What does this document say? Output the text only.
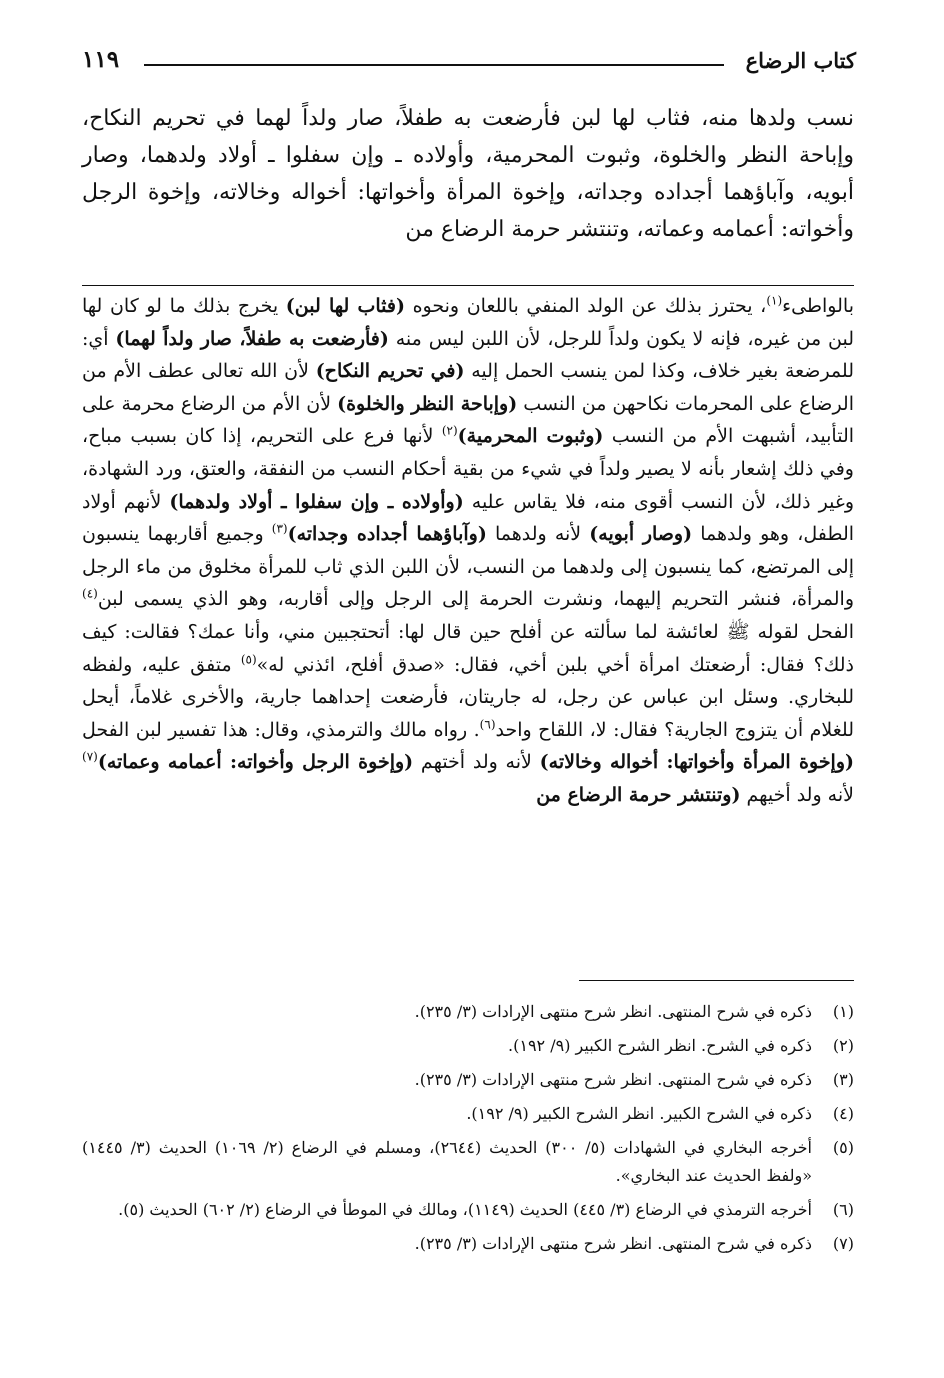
كتاب الرضاع
١١٩

نسب ولدها منه، فثاب لها لبن فأرضعت به طفلاً، صار ولداً لهما في تحريم النكاح، وإباحة النظر والخلوة، وثبوت المحرمية، وأولاده ـ وإن سفلوا ـ أولاد ولدهما، وصار أبويه، وآباؤهما أجداده وجداته، وإخوة المرأة وأخواتها: أخواله وخالاته، وإخوة الرجل وأخواته: أعمامه وعماته، وتنتشر حرمة الرضاع من

بالواطىء$^{(١)}$، يحترز بذلك عن الولد المنفي باللعان ونحوه (فثاب لها لبن) يخرج بذلك ما لو كان لها لبن من غيره، فإنه لا يكون ولداً للرجل، لأن اللبن ليس منه (فأرضعت به طفلاً، صار ولداً لهما) أي: للمرضعة بغير خلاف، وكذا لمن ينسب الحمل إليه (في تحريم النكاح) لأن الله تعالى عطف الأم من الرضاع على المحرمات نكاحهن من النسب (وإباحة النظر والخلوة) لأن الأم من الرضاع محرمة على التأبيد، أشبهت الأم من النسب (وثبوت المحرمية)$^{(٢)}$ لأنها فرع على التحريم، إذا كان بسبب مباح، وفي ذلك إشعار بأنه لا يصير ولداً في شيء من بقية أحكام النسب من النفقة، والعتق، ورد الشهادة، وغير ذلك، لأن النسب أقوى منه، فلا يقاس عليه (وأولاده ـ وإن سفلوا ـ أولاد ولدهما) لأنهم أولاد الطفل، وهو ولدهما (وصار أبويه) لأنه ولدهما (وآباؤهما أجداده وجداته)$^{(٣)}$ وجميع أقاربهما ينسبون إلى المرتضع، كما ينسبون إلى ولدهما من النسب، لأن اللبن الذي ثاب للمرأة مخلوق من ماء الرجل والمرأة، فنشر التحريم إليهما، ونشرت الحرمة إلى الرجل وإلى أقاربه، وهو الذي يسمى لبن$^{(٤)}$ الفحل لقوله ﷺ لعائشة لما سألته عن أفلح حين قال لها: أتحتجبين مني، وأنا عمك؟ فقالت: كيف ذلك؟ فقال: أرضعتك امرأة أخي بلبن أخي، فقال: «صدق أفلح، ائذني له»$^{(٥)}$ متفق عليه، ولفظه للبخاري. وسئل ابن عباس عن رجل، له جاريتان، فأرضعت إحداهما جارية، والأخرى غلاماً، أيحل للغلام أن يتزوج الجارية؟ فقال: لا، اللقاح واحد$^{(٦)}$. رواه مالك والترمذي، وقال: هذا تفسير لبن الفحل (وإخوة المرأة وأخواتها: أخواله وخالاته) لأنه ولد أختهم (وإخوة الرجل وأخواته: أعمامه وعماته)$^{(٧)}$ لأنه ولد أخيهم (وتنتشر حرمة الرضاع من

(١)
ذكره في شرح المنتهى. انظر شرح منتهى الإرادات (٣/ ٢٣٥).
(٢)
ذكره في الشرح. انظر الشرح الكبير (٩/ ١٩٢).
(٣)
ذكره في شرح المنتهى. انظر شرح منتهى الإرادات (٣/ ٢٣٥).
(٤)
ذكره في الشرح الكبير. انظر الشرح الكبير (٩/ ١٩٢).
(٥)
أخرجه البخاري في الشهادات (٥/ ٣٠٠) الحديث (٢٦٤٤)، ومسلم في الرضاع (٢/ ١٠٦٩) الحديث (٣/ ١٤٤٥) «ولفظ الحديث عند البخاري».
(٦)
أخرجه الترمذي في الرضاع (٣/ ٤٤٥) الحديث (١١٤٩)، ومالك في الموطأ في الرضاع (٢/ ٦٠٢) الحديث (٥).
(٧)
ذكره في شرح المنتهى. انظر شرح منتهى الإرادات (٣/ ٢٣٥).
